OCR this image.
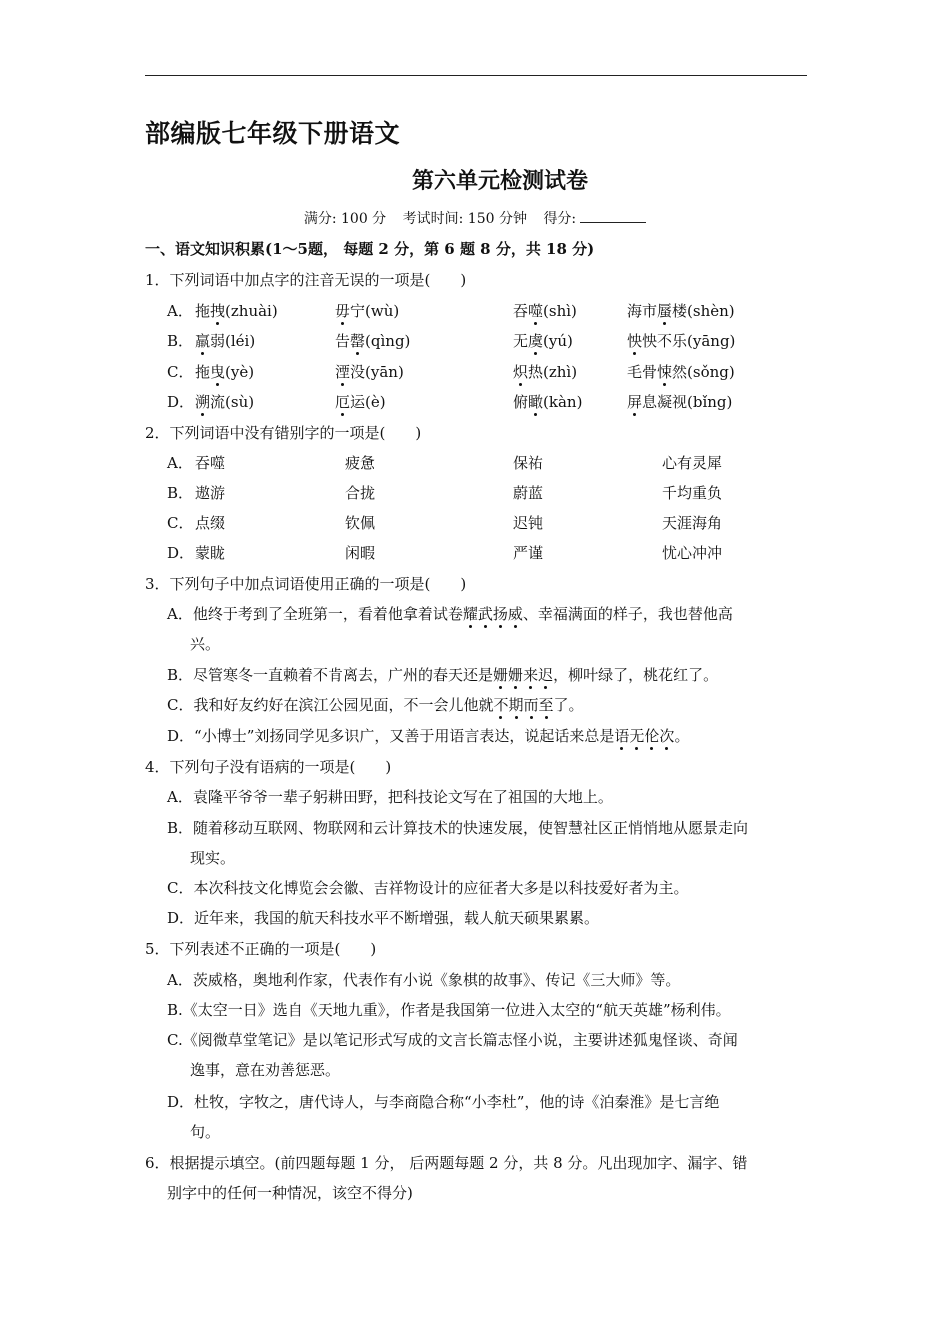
部编版七年级下册语文
第六单元检测试卷
满分: 100 分 考试时间: 150 分钟 得分:
一、语文知识积累(1～5题， 每题 2 分，第 6 题 8 分，共 18 分)
1．下列词语中加点字的注音无误的一项是(　　)
A． 拖拽(zhuài)	毋宁(wù)	吞噬(shì)	海市蜃楼(shèn)
B． 羸弱(léi)	告罄(qìng)	无虞(yú)	怏怏不乐(yāng)
C． 拖曳(yè)	湮没(yān)	炽热(zhì)	毛骨悚然(sǒng)
D． 溯流(sù)	厄运(è)	俯瞰(kàn)	屏息凝视(bǐng)
2．下列词语中没有错别字的一项是(　　)
A． 吞噬	疲惫	保祐	心有灵犀
B． 遨游	合拢	蔚蓝	千均重负
C． 点缀	钦佩	迟钝	天涯海角
D． 蒙眬	闲暇	严谨	忧心冲冲
3．下列句子中加点词语使用正确的一项是(　　)
A．他终于考到了全班第一，看着他拿着试卷耀武扬威、幸福满面的样子，我也替他高
兴。
B．尽管寒冬一直赖着不肯离去，广州的春天还是姗姗来迟，柳叶绿了，桃花红了。
C．我和好友约好在滨江公园见面，不一会儿他就不期而至了。
D．“小博士”刘扬同学见多识广，又善于用语言表达，说起话来总是语无伦次。
4．下列句子没有语病的一项是(　　)
A．袁隆平爷爷一辈子躬耕田野，把科技论文写在了祖国的大地上。
B．随着移动互联网、物联网和云计算技术的快速发展，使智慧社区正悄悄地从愿景走向
现实。
C．本次科技文化博览会会徽、吉祥物设计的应征者大多是以科技爱好者为主。
D．近年来，我国的航天科技水平不断增强，载人航天硕果累累。
5．下列表述不正确的一项是(　　)
A．茨威格，奥地利作家，代表作有小说《象棋的故事》、传记《三大师》等。
B.《太空一日》选自《天地九重》，作者是我国第一位进入太空的“航天英雄”杨利伟。
C.《阅微草堂笔记》是以笔记形式写成的文言长篇志怪小说，主要讲述狐鬼怪谈、奇闻
逸事，意在劝善惩恶。
D．杜牧，字牧之，唐代诗人，与李商隐合称“小李杜”，他的诗《泊秦淮》是七言绝
句。
6．根据提示填空。(前四题每题 1 分， 后两题每题 2 分，共 8 分。凡出现加字、漏字、错
别字中的任何一种情况，该空不得分)
